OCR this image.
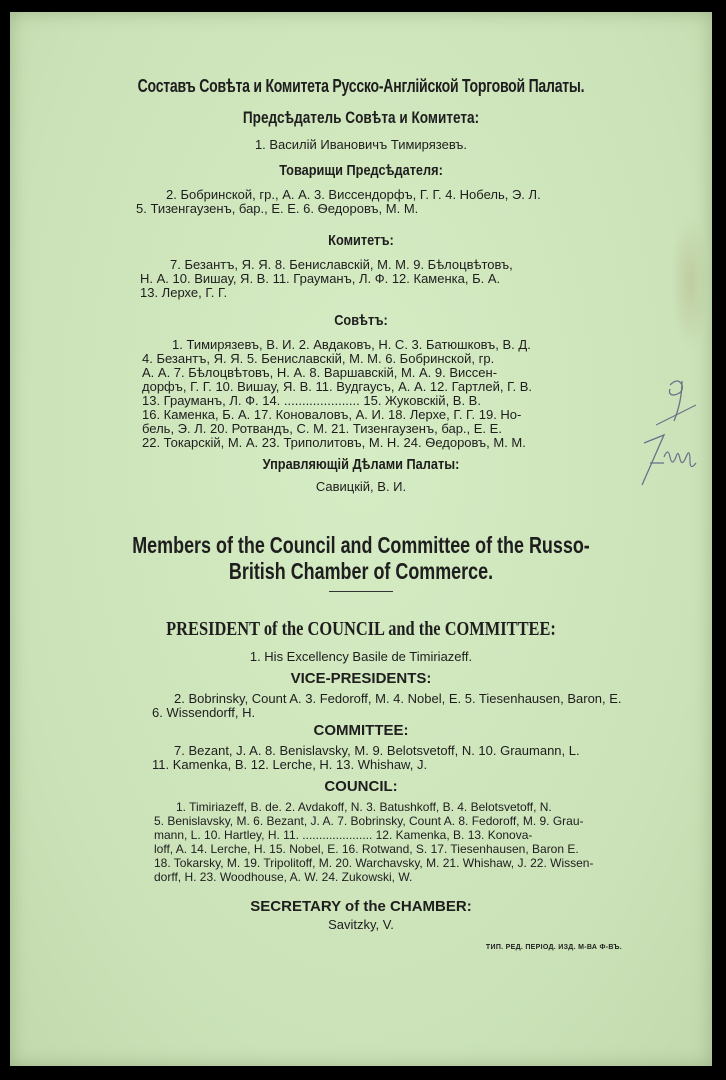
Составъ Совѣта и Комитета Русско-Англійской Торговой Палаты.

Предсѣдатель Совѣта и Комитета:

1. Василій Ивановичъ Тимирязевъ.

Товарищи Предсѣдателя:

2. Бобринской, гр., А. А. 3. Виссендорфъ, Г. Г. 4. Нобель, Э. Л.
5. Тизенгаузенъ, бар., Е. Е. 6. Ѳедоровъ, М. М.

Комитетъ:

7. Безантъ, Я. Я. 8. Бениславскій, М. М. 9. Бѣлоцвѣтовъ,
Н. А. 10. Вишау, Я. В. 11. Грауманъ, Л. Ф. 12. Каменка, Б. А.
13. Лерхе, Г. Г.

Совѣтъ:

1. Тимирязевъ, В. И. 2. Авдаковъ, Н. С. 3. Батюшковъ, В. Д.
4. Безантъ, Я. Я. 5. Бениславскій, М. М. 6. Бобринской, гр.
А. А. 7. Бѣлоцвѣтовъ, Н. А. 8. Варшавскій, М. А. 9. Виссен-
дорфъ, Г. Г. 10. Вишау, Я. В. 11. Вудгаусъ, А. А. 12. Гартлей, Г. В.
13. Грауманъ, Л. Ф. 14. ..................... 15. Жуковскій, В. В.
16. Каменка, Б. А. 17. Коноваловъ, А. И. 18. Лерхе, Г. Г. 19. Но-
бель, Э. Л. 20. Ротвандъ, С. М. 21. Тизенгаузенъ, бар., Е. Е.
22. Токарскій, М. А. 23. Триполитовъ, М. Н. 24. Ѳедоровъ, М. М.

Управляющій Дѣлами Палаты:

Савицкій, В. И.

Members of the Council and Committee of the Russo-

British Chamber of Commerce.

PRESIDENT of the COUNCIL and the COMMITTEE:

1. His Excellency Basile de Timiriazeff.

VICE-PRESIDENTS:

2. Bobrinsky, Count A. 3. Fedoroff, M. 4. Nobel, E. 5. Tiesenhausen, Baron, E.
6. Wissendorff, H.

COMMITTEE:

7. Bezant, J. A. 8. Benislavsky, M. 9. Belotsvetoff, N. 10. Graumann, L.
11. Kamenka, B. 12. Lerche, H. 13. Whishaw, J.

COUNCIL:

1. Timiriazeff, B. de. 2. Avdakoff, N. 3. Batushkoff, B. 4. Belotsvetoff, N.
5. Benislavsky, M. 6. Bezant, J. A. 7. Bobrinsky, Count A. 8. Fedoroff, M. 9. Grau-
mann, L. 10. Hartley, H. 11. ..................... 12. Kamenka, B. 13. Konova-
loff, A. 14. Lerche, H. 15. Nobel, E. 16. Rotwand, S. 17. Tiesenhausen, Baron E.
18. Tokarsky, M. 19. Tripolitoff, M. 20. Warchavsky, M. 21. Whishaw, J. 22. Wissen-
dorff, H. 23. Woodhouse, A. W. 24. Zukowski, W.

SECRETARY of the CHAMBER:

Savitzky, V.

ТИП. РЕД. ПЕРІОД. ИЗД. М-ВА Ф-ВЪ.
